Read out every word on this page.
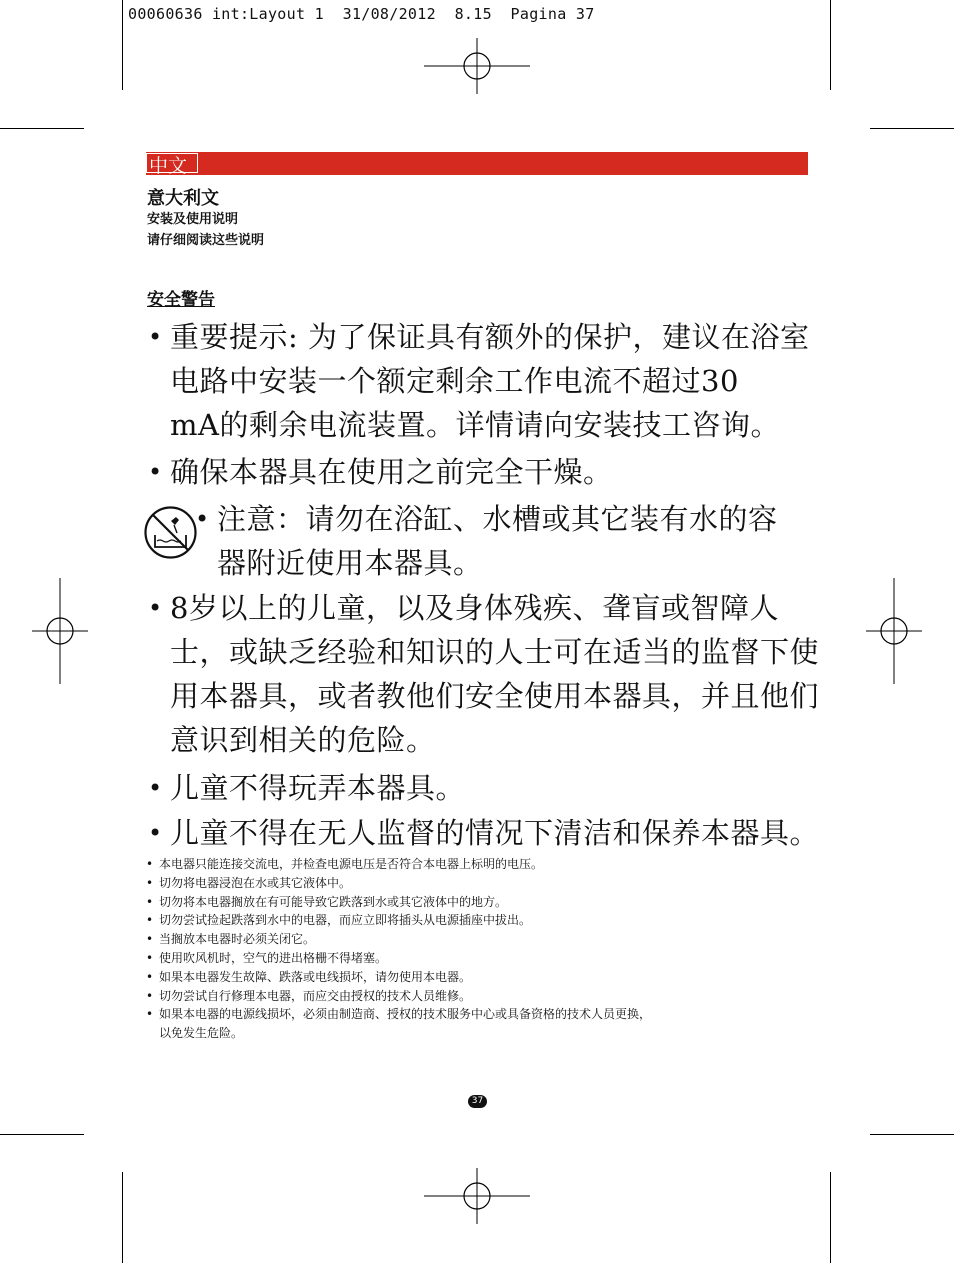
00060636 int:Layout 1  31/08/2012  8.15  Pagina 37
中文
意大利文
安装及使用说明
请仔细阅读这些说明
安全警告
• 重要提示: 为了保证具有额外的保护，建议在浴室
电路中安装一个额定剩余工作电流不超过30
mA的剩余电流装置。详情请向安装技工咨询。
• 确保本器具在使用之前完全干燥。
• 注意：请勿在浴缸、水槽或其它装有水的容
器附近使用本器具。
• 8岁以上的儿童，以及身体残疾、聋盲或智障人
士，或缺乏经验和知识的人士可在适当的监督下使
用本器具，或者教他们安全使用本器具，并且他们
意识到相关的危险。
• 儿童不得玩弄本器具。
• 儿童不得在无人监督的情况下清洁和保养本器具。
• 本电器只能连接交流电，并检查电源电压是否符合本电器上标明的电压。
• 切勿将电器浸泡在水或其它液体中。
• 切勿将本电器搁放在有可能导致它跌落到水或其它液体中的地方。
• 切勿尝试捡起跌落到水中的电器，而应立即将插头从电源插座中拔出。
• 当搁放本电器时必须关闭它。
• 使用吹风机时，空气的进出格栅不得堵塞。
• 如果本电器发生故障、跌落或电线损坏，请勿使用本电器。
• 切勿尝试自行修理本电器，而应交由授权的技术人员维修。
• 如果本电器的电源线损坏，必须由制造商、授权的技术服务中心或具备资格的技术人员更换，
以免发生危险。
37
